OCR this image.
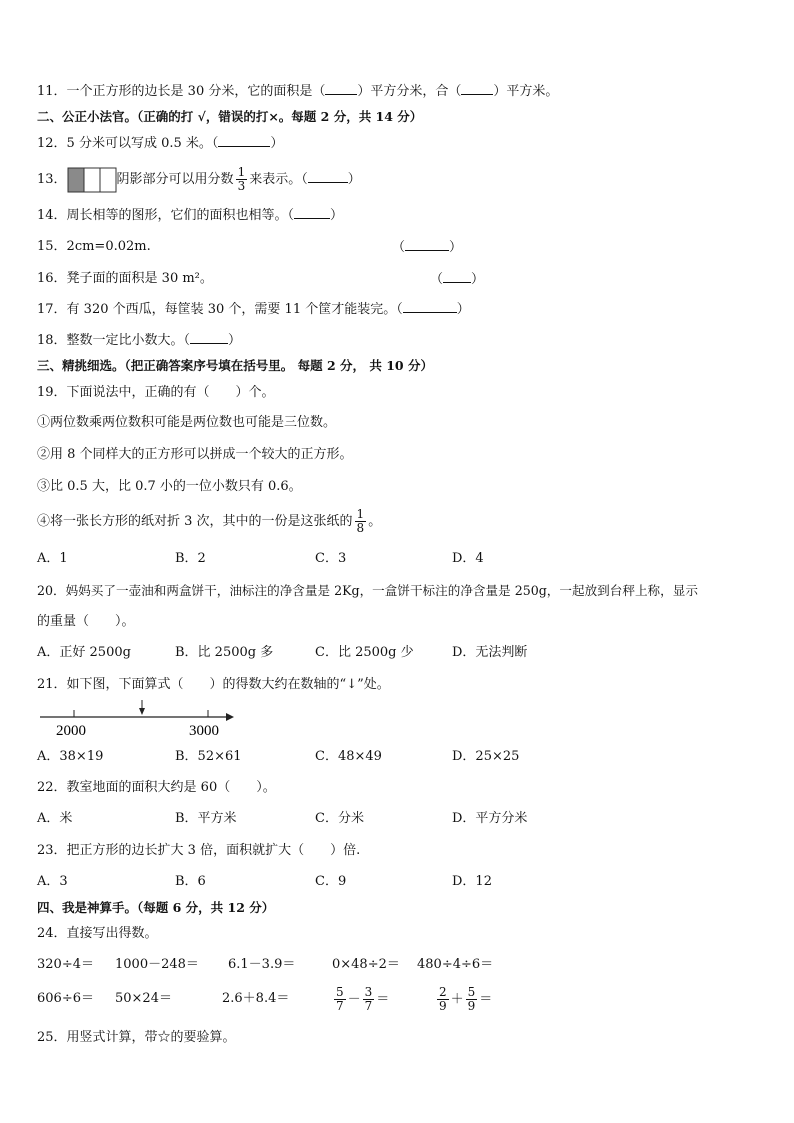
11．一个正方形的边长是 30 分米，它的面积是（ ）平方分米，合（ ）平方米。
二、公正小法官。（正确的打 √，错误的打×。每题 2 分，共 14 分）
12．5 分米可以写成 0.5 米。（	）
13．	阴影部分可以用分数 $\frac{1}{3}$ 来表示。（	）
14．周长相等的图形，它们的面积也相等。（	）
15．2cm=0.02m.	（	）
16．凳子面的面积是 30 m²。	（ ）
17．有 320 个西瓜，每筐装 30 个，需要 11 个筐才能装完。（	）
18．整数一定比小数大。（	）
三、精挑细选。（把正确答案序号填在括号里。 每题 2 分， 共 10 分）
19．下面说法中，正确的有（　　）个。
①两位数乘两位数积可能是两位数也可能是三位数。
②用 8 个同样大的正方形可以拼成一个较大的正方形。
③比 0.5 大，比 0.7 小的一位小数只有 0.6。
④将一张长方形的纸对折 3 次，其中的一份是这张纸的 $\frac{1}{8}$ 。
A．1	B．2	C．3	D．4
20．妈妈买了一壶油和两盒饼干，油标注的净含量是 2Kg，一盒饼干标注的净含量是 250g，一起放到台秤上称，显示
的重量（　　）。
A．正好 2500g	B．比 2500g 多	C．比 2500g 少	D．无法判断
21．如下图，下面算式（　　）的得数大约在数轴的“↓”处。
2000	3000
A．38×19	B．52×61	C．48×49	D．25×25
22．教室地面的面积大约是 60（　　）。
A．米	B．平方米	C．分米	D．平方分米
23．把正方形的边长扩大 3 倍，面积就扩大（　　）倍.
A．3	B．6	C．9	D．12
四、我是神算手。（每题 6 分，共 12 分）
24．直接写出得数。
320÷4＝ 1000－248＝ 6.1－3.9＝	0×48÷2＝ 480÷4÷6＝
606÷6＝ 50×24＝	2.6＋8.4＝	$\frac{5}{7} - \frac{3}{7}$ ＝	$\frac{2}{9} + \frac{5}{9}$ ＝
25．用竖式计算，带☆的要验算。
